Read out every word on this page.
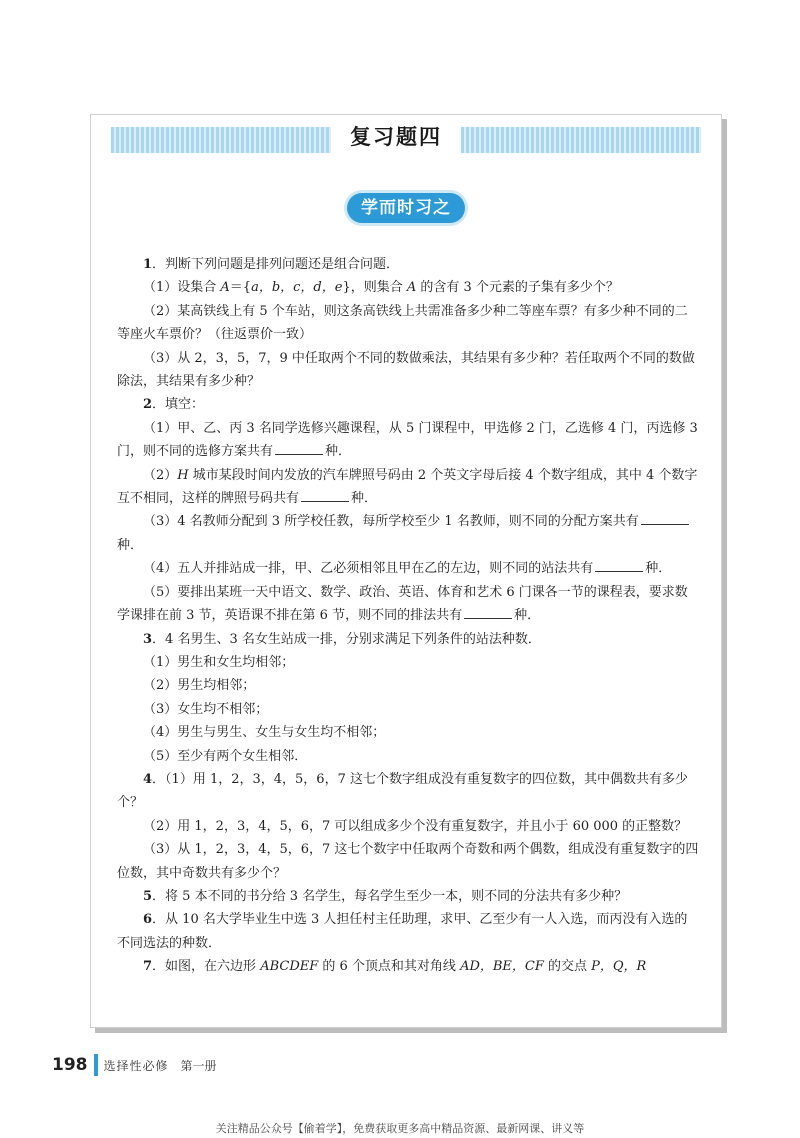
复习题四
学而时习之

1．判断下列问题是排列问题还是组合问题．

（1）设集合 A＝{a，b，c，d，e}，则集合 A 的含有 3 个元素的子集有多少个？

（2）某高铁线上有 5 个车站，则这条高铁线上共需准备多少种二等座车票？有多少种不同的二等座火车票价？（往返票价一致）

（3）从 2，3，5，7，9 中任取两个不同的数做乘法，其结果有多少种？若任取两个不同的数做除法，其结果有多少种？

2．填空：

（1）甲、乙、丙 3 名同学选修兴趣课程，从 5 门课程中，甲选修 2 门，乙选修 4 门，丙选修 3 门，则不同的选修方案共有	种．

（2）H 城市某段时间内发放的汽车牌照号码由 2 个英文字母后接 4 个数字组成，其中 4 个数字互不相同，这样的牌照号码共有	种．

（3）4 名教师分配到 3 所学校任教，每所学校至少 1 名教师，则不同的分配方案共有种．

（4）五人并排站成一排，甲、乙必须相邻且甲在乙的左边，则不同的站法共有	种．

（5）要排出某班一天中语文、数学、政治、英语、体育和艺术 6 门课各一节的课程表，要求数学课排在前 3 节，英语课不排在第 6 节，则不同的排法共有	种．

3．4 名男生、3 名女生站成一排，分别求满足下列条件的站法种数．

（1）男生和女生均相邻；

（2）男生均相邻；

（3）女生均不相邻；

（4）男生与男生、女生与女生均不相邻；

（5）至少有两个女生相邻．

4．（1）用 1，2，3，4，5，6，7 这七个数字组成没有重复数字的四位数，其中偶数共有多少个？

（2）用 1，2，3，4，5，6，7 可以组成多少个没有重复数字，并且小于 60 000 的正整数？

（3）从 1，2，3，4，5，6，7 这七个数字中任取两个奇数和两个偶数，组成没有重复数字的四位数，其中奇数共有多少个？

5．将 5 本不同的书分给 3 名学生，每名学生至少一本，则不同的分法共有多少种？

6．从 10 名大学毕业生中选 3 人担任村主任助理，求甲、乙至少有一人入选，而丙没有入选的不同选法的种数．

7．如图，在六边形 ABCDEF 的 6 个顶点和其对角线 AD，BE，CF 的交点 P，Q，R

198 选择性必修 第一册
关注精品公众号【偷着学】，免费获取更多高中精品资源、最新网课、讲义等
